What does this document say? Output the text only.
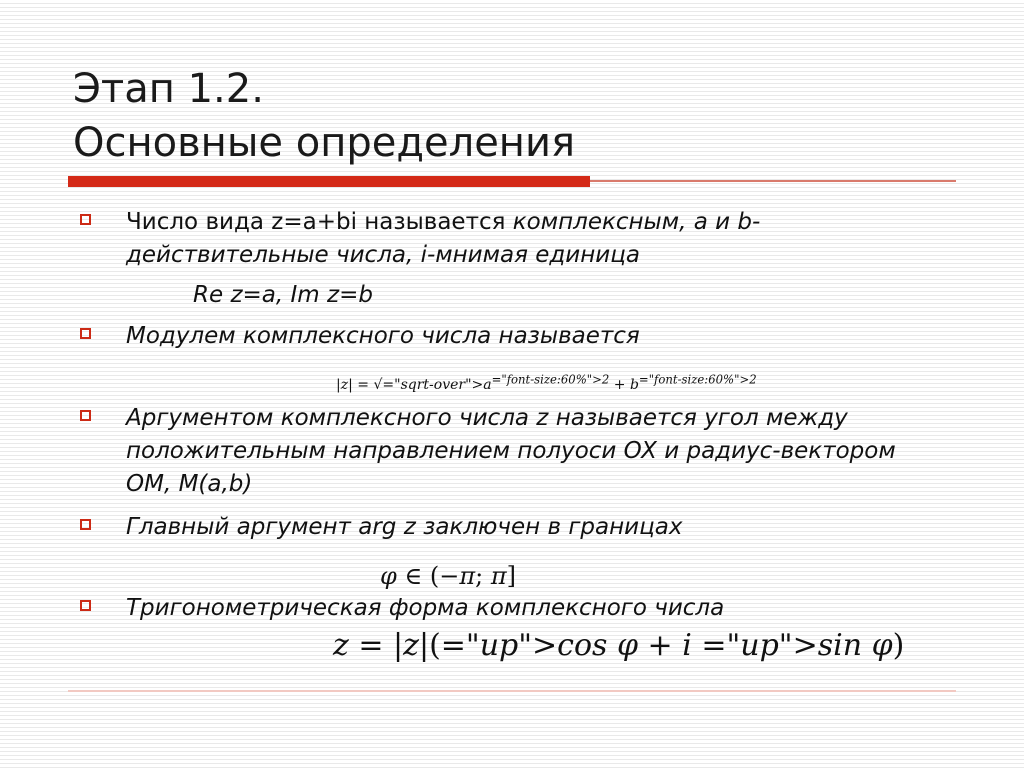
Этап 1.2.
Основные определения
Число вида z=a+bi называется комплексным, a и b-действительные числа, i-мнимая единица
Re z=a, Im z=b
Модулем комплексного числа называется
$|z| = √="sqrt-over">a^{="font-size:60\%">2} + b^{="font-size:60\%">2}$
Аргументом комплексного числа z называется угол между положительным направлением полуоси OX и радиус-вектором OM, M(a,b)
Главный аргумент arg z заключен в границах
φ ∈ (−π; π]
Тригонометрическая форма комплексного числа
z = |z|(="up">cos φ + i ="up">sin φ)
